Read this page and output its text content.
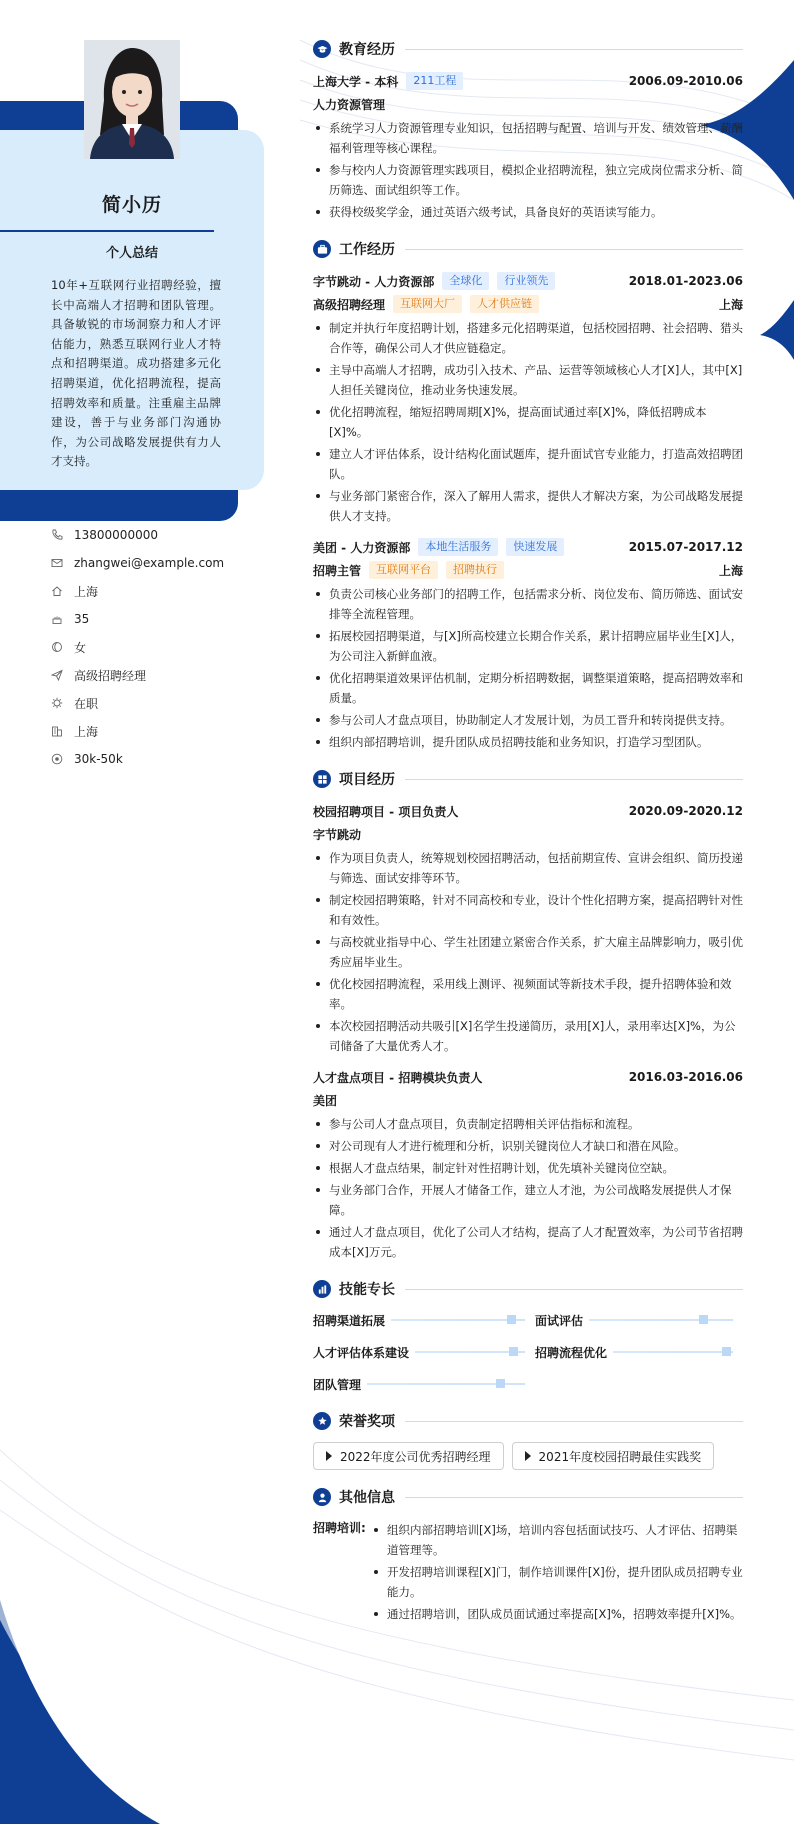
简小历
个人总结
10年+互联网行业招聘经验，擅长中高端人才招聘和团队管理。具备敏锐的市场洞察力和人才评估能力，熟悉互联网行业人才特点和招聘渠道。成功搭建多元化招聘渠道，优化招聘流程，提高招聘效率和质量。注重雇主品牌建设，善于与业务部门沟通协作，为公司战略发展提供有力人才支持。
13800000000
zhangwei@example.com
上海
35
女
高级招聘经理
在职
上海
30k-50k
教育经历
上海大学 - 本科	211工程	2006.09-2010.06
人力资源管理
系统学习人力资源管理专业知识，包括招聘与配置、培训与开发、绩效管理、薪酬福利管理等核心课程。
参与校内人力资源管理实践项目，模拟企业招聘流程，独立完成岗位需求分析、简历筛选、面试组织等工作。
获得校级奖学金，通过英语六级考试，具备良好的英语读写能力。
工作经历
字节跳动 - 人力资源部	全球化	行业领先	2018.01-2023.06
高级招聘经理	互联网大厂	人才供应链	上海
制定并执行年度招聘计划，搭建多元化招聘渠道，包括校园招聘、社会招聘、猎头合作等，确保公司人才供应链稳定。
主导中高端人才招聘，成功引入技术、产品、运营等领域核心人才[X]人，其中[X]人担任关键岗位，推动业务快速发展。
优化招聘流程，缩短招聘周期[X]%，提高面试通过率[X]%，降低招聘成本[X]%。
建立人才评估体系，设计结构化面试题库，提升面试官专业能力，打造高效招聘团队。
与业务部门紧密合作，深入了解用人需求，提供人才解决方案，为公司战略发展提供人才支持。
美团 - 人力资源部	本地生活服务	快速发展	2015.07-2017.12
招聘主管	互联网平台	招聘执行	上海
负责公司核心业务部门的招聘工作，包括需求分析、岗位发布、简历筛选、面试安排等全流程管理。
拓展校园招聘渠道，与[X]所高校建立长期合作关系，累计招聘应届毕业生[X]人，为公司注入新鲜血液。
优化招聘渠道效果评估机制，定期分析招聘数据，调整渠道策略，提高招聘效率和质量。
参与公司人才盘点项目，协助制定人才发展计划，为员工晋升和转岗提供支持。
组织内部招聘培训，提升团队成员招聘技能和业务知识，打造学习型团队。
项目经历
校园招聘项目 - 项目负责人	2020.09-2020.12
字节跳动
作为项目负责人，统筹规划校园招聘活动，包括前期宣传、宣讲会组织、简历投递与筛选、面试安排等环节。
制定校园招聘策略，针对不同高校和专业，设计个性化招聘方案，提高招聘针对性和有效性。
与高校就业指导中心、学生社团建立紧密合作关系，扩大雇主品牌影响力，吸引优秀应届毕业生。
优化校园招聘流程，采用线上测评、视频面试等新技术手段，提升招聘体验和效率。
本次校园招聘活动共吸引[X]名学生投递简历，录用[X]人，录用率达[X]%，为公司储备了大量优秀人才。
人才盘点项目 - 招聘模块负责人	2016.03-2016.06
美团
参与公司人才盘点项目，负责制定招聘相关评估指标和流程。
对公司现有人才进行梳理和分析，识别关键岗位人才缺口和潜在风险。
根据人才盘点结果，制定针对性招聘计划，优先填补关键岗位空缺。
与业务部门合作，开展人才储备工作，建立人才池，为公司战略发展提供人才保障。
通过人才盘点项目，优化了公司人才结构，提高了人才配置效率，为公司节省招聘成本[X]万元。
技能专长
招聘渠道拓展	面试评估
人才评估体系建设	招聘流程优化
团队管理
荣誉奖项
2022年度公司优秀招聘经理	2021年度校园招聘最佳实践奖
其他信息
招聘培训:	组织内部招聘培训[X]场，培训内容包括面试技巧、人才评估、招聘渠道管理等。
开发招聘培训课程[X]门，制作培训课件[X]份，提升团队成员招聘专业能力。
通过招聘培训，团队成员面试通过率提高[X]%，招聘效率提升[X]%。
